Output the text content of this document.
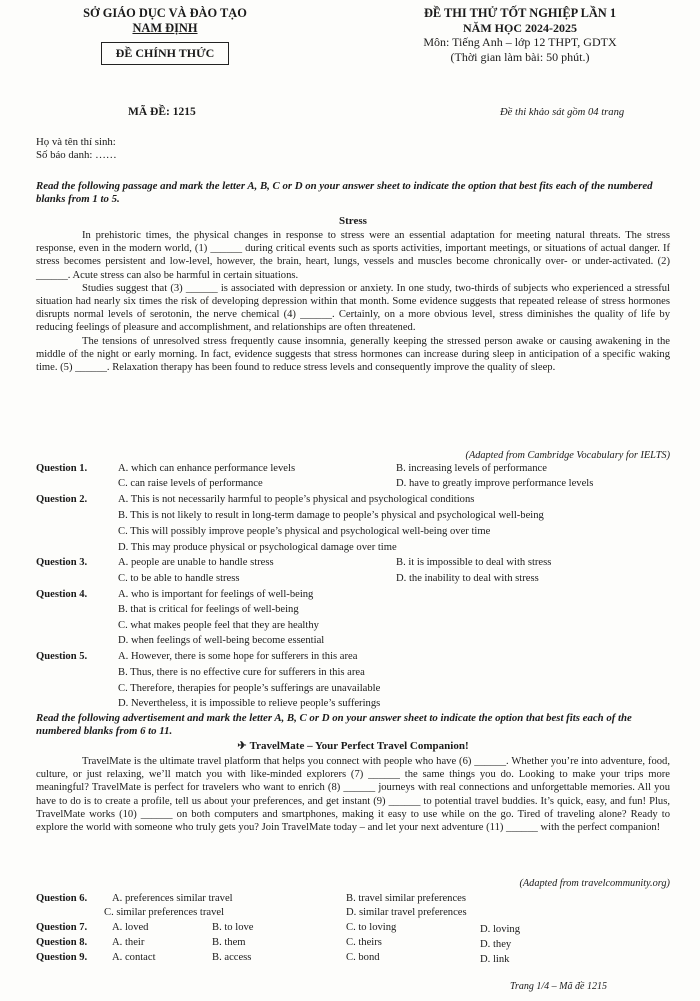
SỞ GIÁO DỤC VÀ ĐÀO TẠO
NAM ĐỊNH
ĐỀ CHÍNH THỨC
ĐỀ THI THỬ TỐT NGHIỆP LẦN 1
NĂM HỌC 2024-2025
Môn: Tiếng Anh – lớp 12 THPT, GDTX
(Thời gian làm bài: 50 phút.)
MÃ ĐỀ: 1215	Đề thi khảo sát gồm 04 trang
Họ và tên thí sinh:
Số báo danh: ……
Read the following passage and mark the letter A, B, C or D on your answer sheet to indicate the option that best fits each of the numbered blanks from 1 to 5.
Stress

In prehistoric times, the physical changes in response to stress were an essential adaptation for meeting natural threats. The stress response, even in the modern world, (1) ______ during critical events such as sports activities, important meetings, or situations of actual danger. If stress becomes persistent and low-level, however, the brain, heart, lungs, vessels and muscles become chronically over- or under-activated. (2) ______. Acute stress can also be harmful in certain situations.

Studies suggest that (3) ______ is associated with depression or anxiety. In one study, two-thirds of subjects who experienced a stressful situation had nearly six times the risk of developing depression within that month. Some evidence suggests that repeated release of stress hormones disrupts normal levels of serotonin, the nerve chemical (4) ______. Certainly, on a more obvious level, stress diminishes the quality of life by reducing feelings of pleasure and accomplishment, and relationships are often threatened.

The tensions of unresolved stress frequently cause insomnia, generally keeping the stressed person awake or causing awakening in the middle of the night or early morning. In fact, evidence suggests that stress hormones can increase during sleep in anticipation of a specific waking time. (5) ______. Relaxation therapy has been found to reduce stress levels and consequently improve the quality of sleep.

(Adapted from Cambridge Vocabulary for IELTS)
Question 1.	A. which can enhance performance levels	B. increasing levels of performance
C. can raise levels of performance	D. have to greatly improve performance levels
Question 2.	A. This is not necessarily harmful to people’s physical and psychological conditions
B. This is not likely to result in long-term damage to people’s physical and psychological well-being
C. This will possibly improve people’s physical and psychological well-being over time
D. This may produce physical or psychological damage over time
Question 3.	A. people are unable to handle stress	B. it is impossible to deal with stress
C. to be able to handle stress	D. the inability to deal with stress
Question 4.	A. who is important for feelings of well-being
B. that is critical for feelings of well-being
C. what makes people feel that they are healthy
D. when feelings of well-being become essential
Question 5.	A. However, there is some hope for sufferers in this area
B. Thus, there is no effective cure for sufferers in this area
C. Therefore, therapies for people’s sufferings are unavailable
D. Nevertheless, it is impossible to relieve people’s sufferings
Read the following advertisement and mark the letter A, B, C or D on your answer sheet to indicate the option that best fits each of the numbered blanks from 6 to 11.
✈ TravelMate – Your Perfect Travel Companion!

TravelMate is the ultimate travel platform that helps you connect with people who have (6) ______. Whether you’re into adventure, food, culture, or just relaxing, we’ll match you with like-minded explorers (7) ______ the same things you do. Looking to make your trips more meaningful? TravelMate is perfect for travelers who want to enrich (8) ______ journeys with real connections and unforgettable memories. All you have to do is to create a profile, tell us about your preferences, and get instant (9) ______ to potential travel buddies. It’s quick, easy, and fun! Plus, TravelMate works (10) ______ on both computers and smartphones, making it easy to use while on the go. Tired of traveling alone? Ready to explore the world with someone who truly gets you? Join TravelMate today – and let your next adventure (11) ______ with the perfect companion!

(Adapted from travelcommunity.org)
Question 6. A. preferences similar travel	B. travel similar preferences
C. similar preferences travel	D. similar travel preferences
Question 7. A. loved	B. to love	C. to loving	D. loving
Question 8. A. their	B. them	C. theirs	D. they
Question 9. A. contact	B. access	C. bond	D. link
Trang 1/4 – Mã đề 1215
